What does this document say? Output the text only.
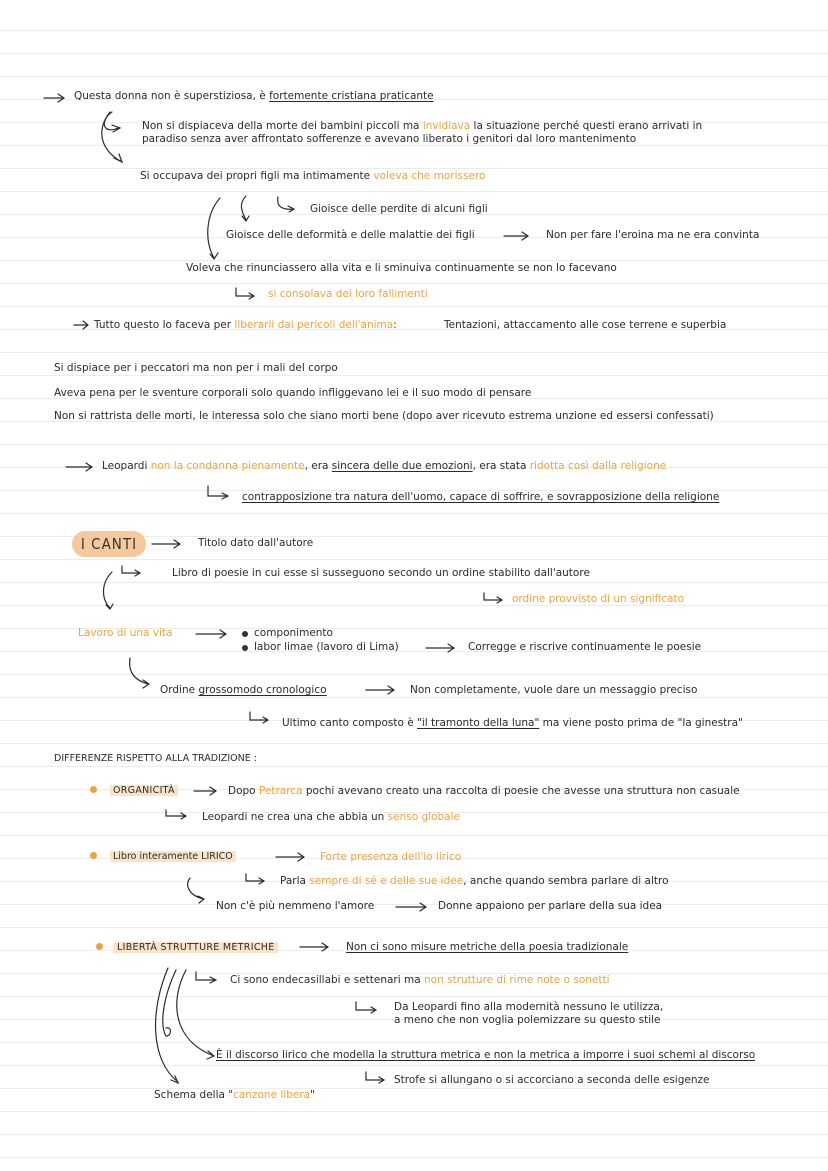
Questa donna non è superstiziosa, è fortemente cristiana praticante
Non si dispiaceva della morte dei bambini piccoli ma invidiava la situazione perché questi erano arrivati in
paradiso senza aver affrontato sofferenze e avevano liberato i genitori dal loro mantenimento
Si occupava dei propri figli ma intimamente voleva che morissero
Gioisce delle perdite di alcuni figli
Gioisce delle deformità e delle malattie dei figli	Non per fare l'eroina ma ne era convinta
Voleva che rinunciassero alla vita e li sminuiva continuamente se non lo facevano
si consolava dei loro fallimenti
Tutto questo lo faceva per liberarli dai pericoli dell'anima:	Tentazioni, attaccamento alle cose terrene e superbia
Si dispiace per i peccatori ma non per i mali del corpo
Aveva pena per le sventure corporali solo quando infliggevano lei e il suo modo di pensare
Non si rattrista delle morti, le interessa solo che siano morti bene (dopo aver ricevuto estrema unzione ed essersi confessati)
Leopardi non la condanna pienamente, era sincera delle due emozioni, era stata ridotta così dalla religione
contrapposizione tra natura dell'uomo, capace di soffrire, e sovrapposizione della religione
I CANTI	Titolo dato dall'autore
Libro di poesie in cui esse si susseguono secondo un ordine stabilito dall'autore
ordine provvisto di un significato
Lavoro di una vita	componimento
labor limae (lavoro di Lima)	Corregge e riscrive continuamente le poesie
Ordine grossomodo cronologico	Non completamente, vuole dare un messaggio preciso
Ultimo canto composto è "il tramonto della luna" ma viene posto prima de "la ginestra"
DIFFERENZE RISPETTO ALLA TRADIZIONE :
ORGANICITÀ	Dopo Petrarca pochi avevano creato una raccolta di poesie che avesse una struttura non casuale
Leopardi ne crea una che abbia un senso globale
Libro interamente LIRICO	Forte presenza dell'io lirico
Parla sempre di sé e delle sue idee, anche quando sembra parlare di altro
Non c'è più nemmeno l'amore	Donne appaiono per parlare della sua idea
LIBERTÀ STRUTTURE METRICHE	Non ci sono misure metriche della poesia tradizionale
Ci sono endecasillabi e settenari ma non strutture di rime note o sonetti
Da Leopardi fino alla modernità nessuno le utilizza,
a meno che non voglia polemizzare su questo stile
È il discorso lirico che modella la struttura metrica e non la metrica a imporre i suoi schemi al discorso
Strofe si allungano o si accorciano a seconda delle esigenze
Schema della "canzone libera"
